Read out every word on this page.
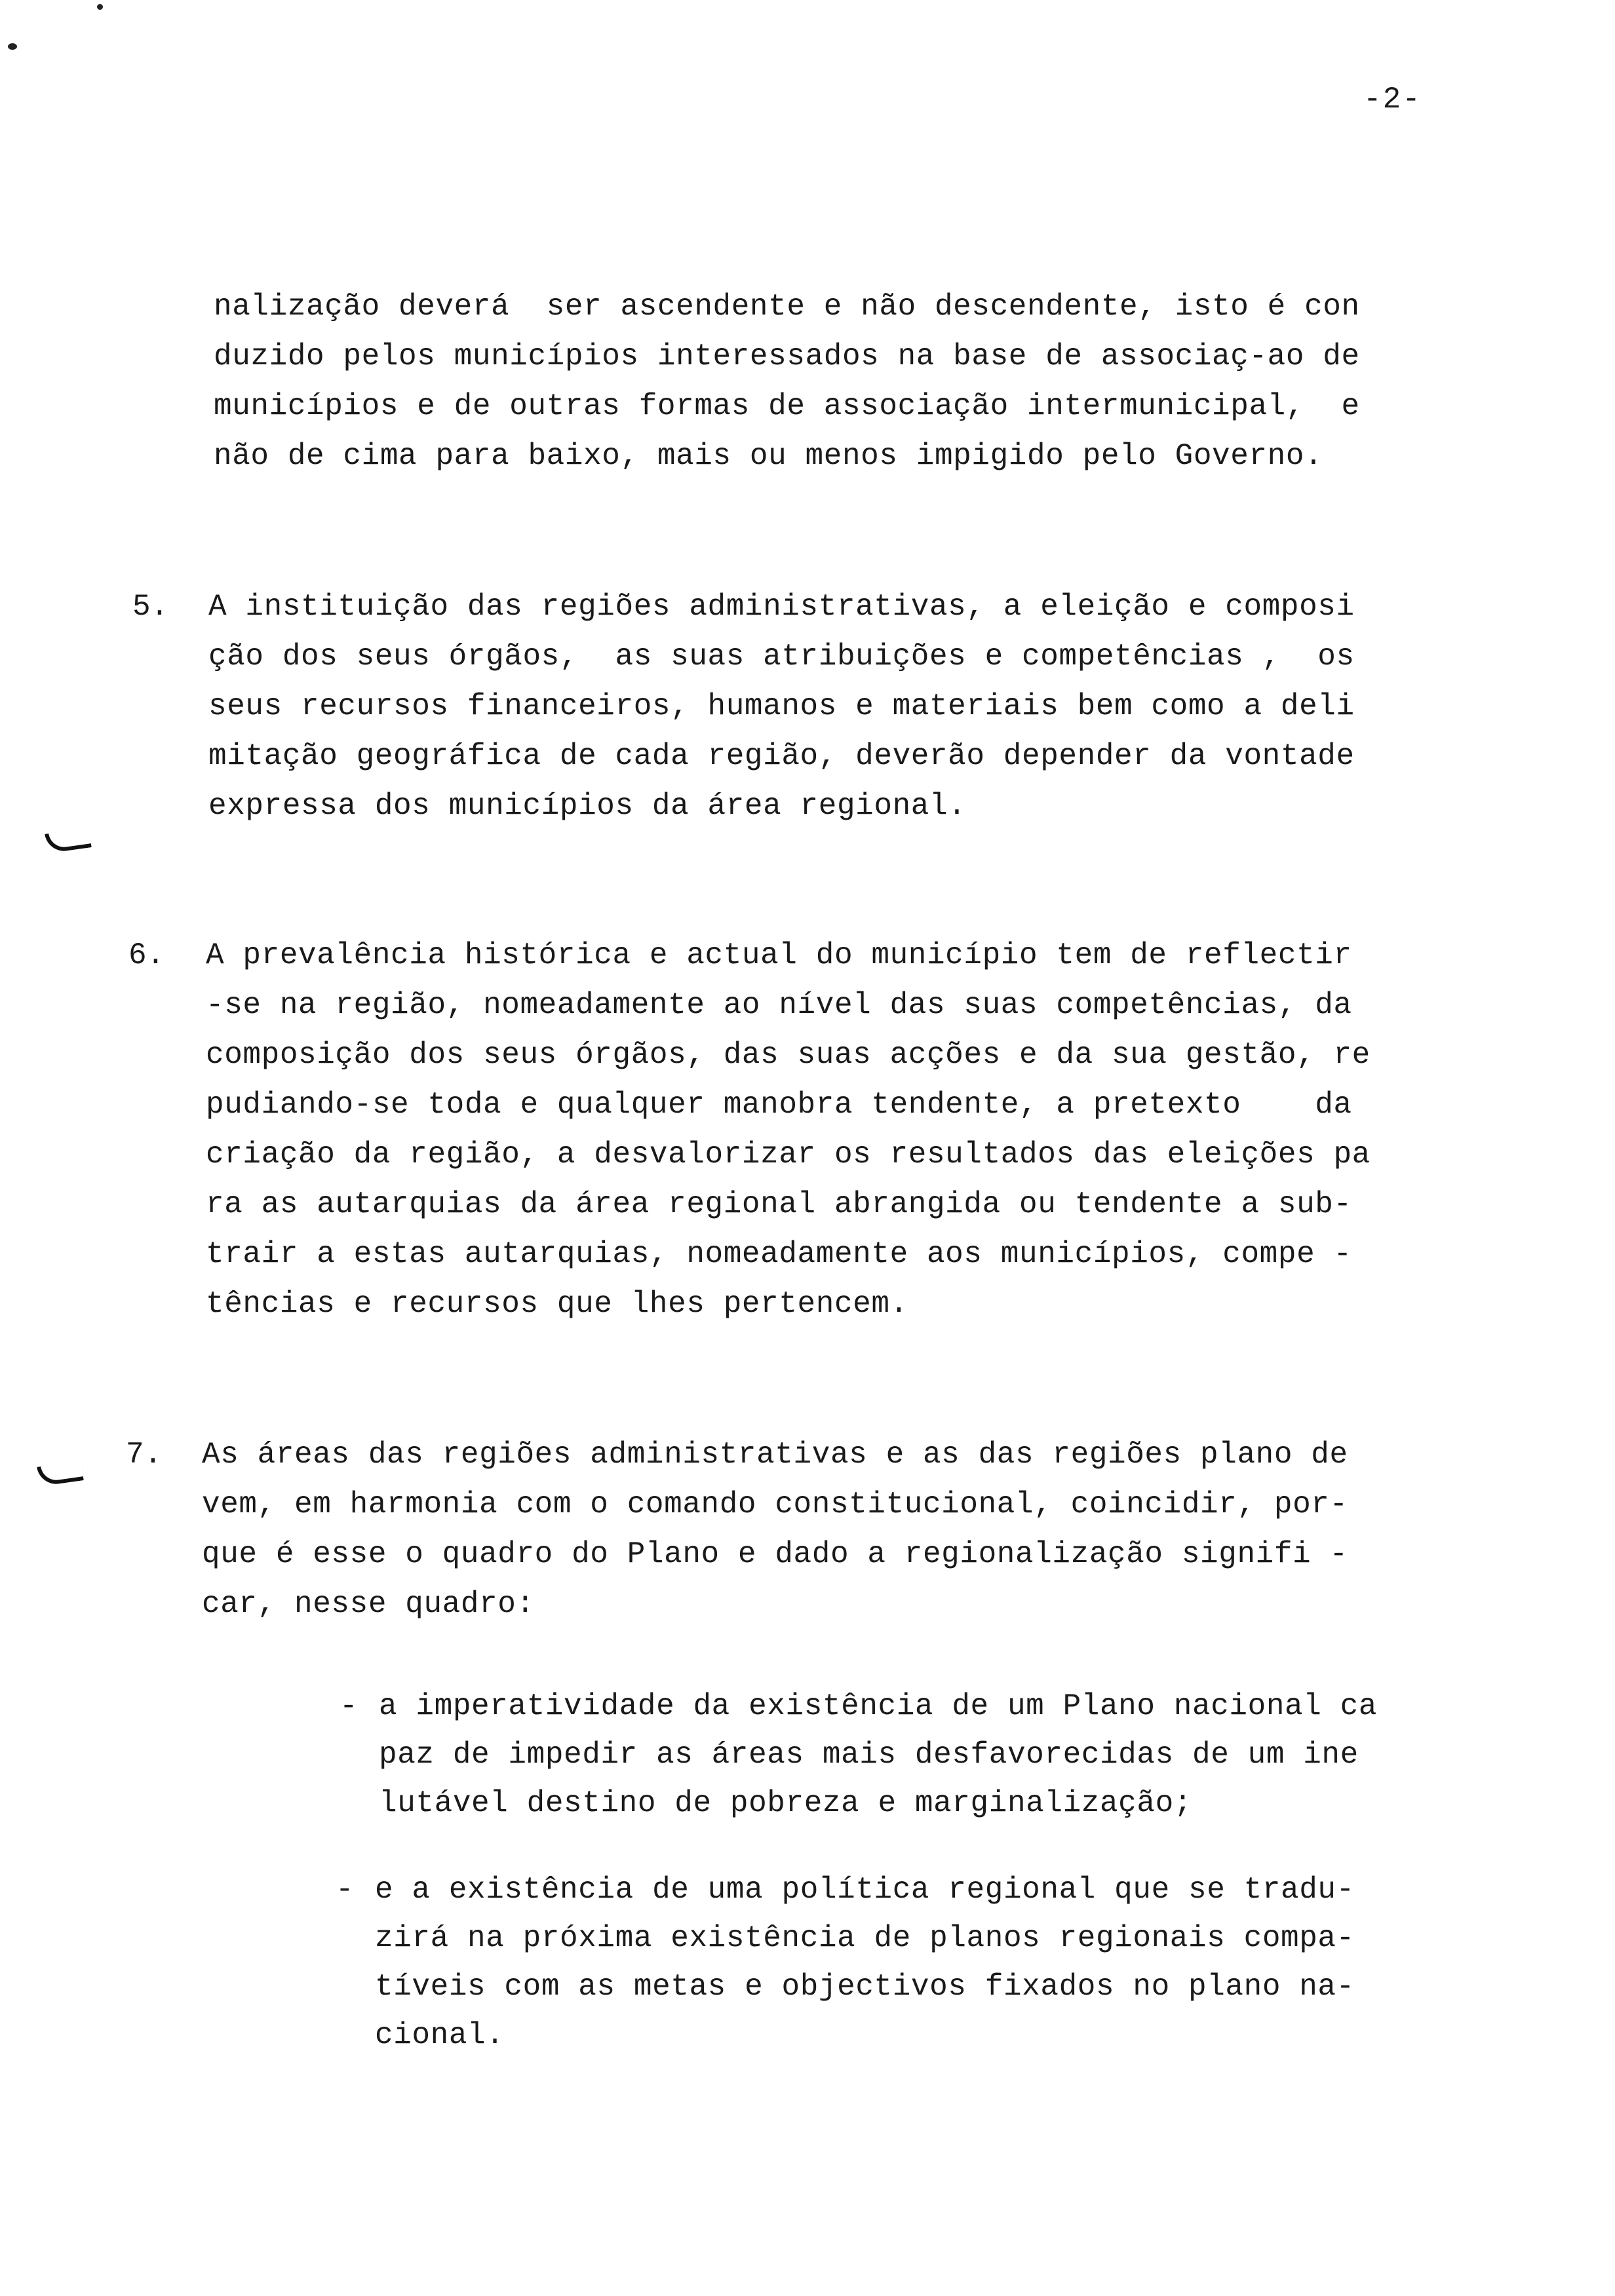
-2-
nalização deverá  ser ascendente e não descendente, isto é con
duzido pelos municípios interessados na base de associaç-ao de
municípios e de outras formas de associação intermunicipal,  e
não de cima para baixo, mais ou menos impigido pelo Governo.
5. A instituição das regiões administrativas, a eleição e composi
ção dos seus órgãos,  as suas atribuições e competências ,  os
seus recursos financeiros, humanos e materiais bem como a deli
mitação geográfica de cada região, deverão depender da vontade
expressa dos municípios da área regional.
6. A prevalência histórica e actual do município tem de reflectir
-se na região, nomeadamente ao nível das suas competências, da
composição dos seus órgãos, das suas acções e da sua gestão, re
pudiando-se toda e qualquer manobra tendente, a pretexto    da
criação da região, a desvalorizar os resultados das eleições pa
ra as autarquias da área regional abrangida ou tendente a sub-
trair a estas autarquias, nomeadamente aos municípios, compe -
tências e recursos que lhes pertencem.
7. As áreas das regiões administrativas e as das regiões plano de
vem, em harmonia com o comando constitucional, coincidir, por-
que é esse o quadro do Plano e dado a regionalização signifi -
car, nesse quadro:
- a imperatividade da existência de um Plano nacional ca
paz de impedir as áreas mais desfavorecidas de um ine
lutável destino de pobreza e marginalização;
- e a existência de uma política regional que se tradu-
zirá na próxima existência de planos regionais compa-
tíveis com as metas e objectivos fixados no plano na-
cional.
